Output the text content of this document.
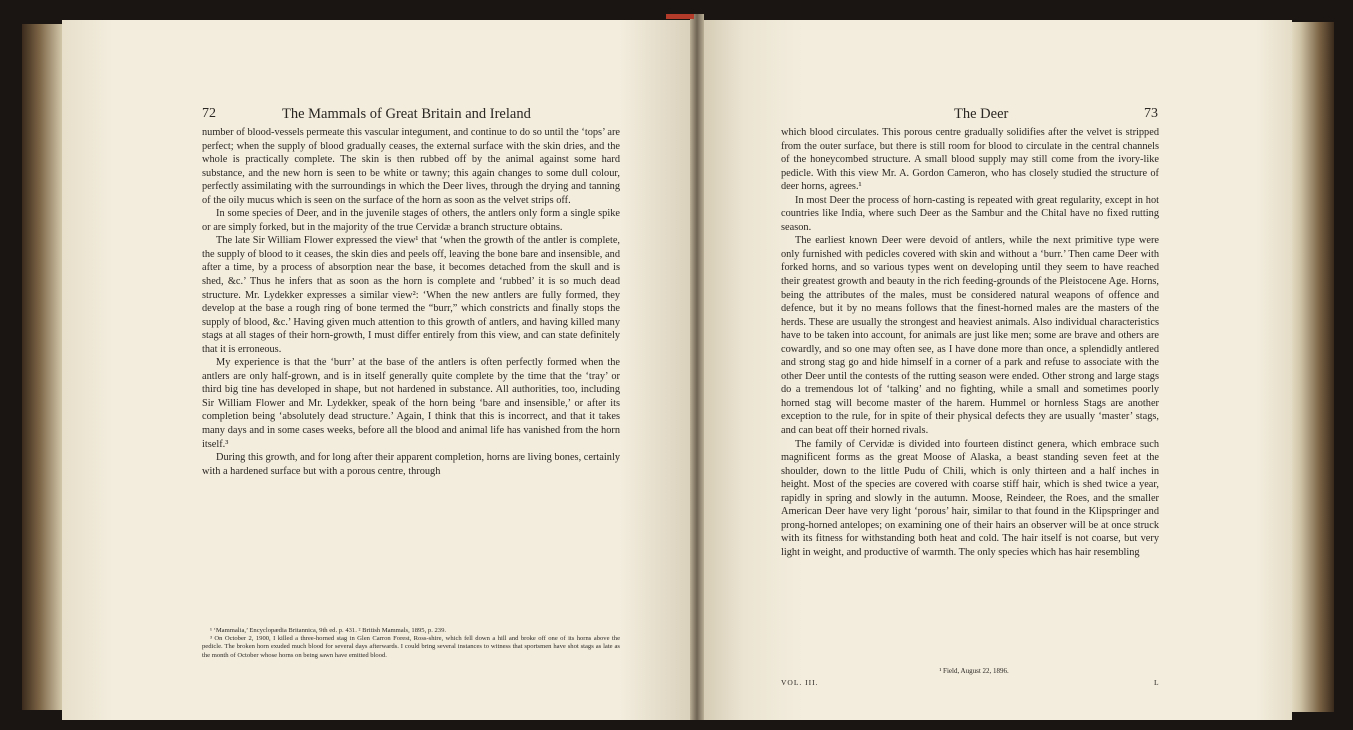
72	The Mammals of Great Britain and Ireland

number of blood-vessels permeate this vascular integument, and continue to do so until the ‘tops’ are perfect; when the supply of blood gradually ceases, the external surface with the skin dries, and the whole is practically complete. The skin is then rubbed off by the animal against some hard substance, and the new horn is seen to be white or tawny; this again changes to some dull colour, perfectly assimilating with the surroundings in which the Deer lives, through the drying and tanning of the oily mucus which is seen on the surface of the horn as soon as the velvet strips off.

In some species of Deer, and in the juvenile stages of others, the antlers only form a single spike or are simply forked, but in the majority of the true Cervidæ a branch structure obtains.

The late Sir William Flower expressed the view¹ that ‘when the growth of the antler is complete, the supply of blood to it ceases, the skin dies and peels off, leaving the bone bare and insensible, and after a time, by a process of absorption near the base, it becomes detached from the skull and is shed, &c.’ Thus he infers that as soon as the horn is complete and ‘rubbed’ it is so much dead structure. Mr. Lydekker expresses a similar view²: ‘When the new antlers are fully formed, they develop at the base a rough ring of bone termed the “burr,” which constricts and finally stops the supply of blood, &c.’ Having given much attention to this growth of antlers, and having killed many stags at all stages of their horn-growth, I must differ entirely from this view, and can state definitely that it is erroneous.

My experience is that the ‘burr’ at the base of the antlers is often perfectly formed when the antlers are only half-grown, and is in itself generally quite complete by the time that the ‘tray’ or third big tine has developed in shape, but not hardened in substance. All authorities, too, including Sir William Flower and Mr. Lydekker, speak of the horn being ‘bare and insensible,’ or after its completion being ‘absolutely dead structure.’ Again, I think that this is incorrect, and that it takes many days and in some cases weeks, before all the blood and animal life has vanished from the horn itself.³

During this growth, and for long after their apparent completion, horns are living bones, certainly with a hardened surface but with a porous centre, through

¹ ‘Mammalia,’ Encyclopædia Britannica, 9th ed. p. 431. ² British Mammals, 1895, p. 239.

³ On October 2, 1900, I killed a three-horned stag in Glen Carron Forest, Ross-shire, which fell down a hill and broke off one of its horns above the pedicle. The broken horn exuded much blood for several days afterwards. I could bring several instances to witness that sportsmen have shot stags as late as the month of October whose horns on being sawn have emitted blood.

The Deer	73

which blood circulates. This porous centre gradually solidifies after the velvet is stripped from the outer surface, but there is still room for blood to circulate in the central channels of the honeycombed structure. A small blood supply may still come from the ivory-like pedicle. With this view Mr. A. Gordon Cameron, who has closely studied the structure of deer horns, agrees.¹

In most Deer the process of horn-casting is repeated with great regularity, except in hot countries like India, where such Deer as the Sambur and the Chital have no fixed rutting season.

The earliest known Deer were devoid of antlers, while the next primitive type were only furnished with pedicles covered with skin and without a ‘burr.’ Then came Deer with forked horns, and so various types went on developing until they seem to have reached their greatest growth and beauty in the rich feeding-grounds of the Pleistocene Age. Horns, being the attributes of the males, must be considered natural weapons of offence and defence, but it by no means follows that the finest-horned males are the masters of the herds. These are usually the strongest and heaviest animals. Also individual characteristics have to be taken into account, for animals are just like men; some are brave and others are cowardly, and so one may often see, as I have done more than once, a splendidly antlered and strong stag go and hide himself in a corner of a park and refuse to associate with the other Deer until the contests of the rutting season were ended. Other strong and large stags do a tremendous lot of ‘talking’ and no fighting, while a small and sometimes poorly horned stag will become master of the harem. Hummel or hornless Stags are another exception to the rule, for in spite of their physical defects they are usually ‘master’ stags, and can beat off their horned rivals.

The family of Cervidæ is divided into fourteen distinct genera, which embrace such magnificent forms as the great Moose of Alaska, a beast standing seven feet at the shoulder, down to the little Pudu of Chili, which is only thirteen and a half inches in height. Most of the species are covered with coarse stiff hair, which is shed twice a year, rapidly in spring and slowly in the autumn. Moose, Reindeer, the Roes, and the smaller American Deer have very light ‘porous’ hair, similar to that found in the Klipspringer and prong-horned antelopes; on examining one of their hairs an observer will be at once struck with its fitness for withstanding both heat and cold. The hair itself is not coarse, but very light in weight, and productive of warmth. The only species which has hair resembling

¹ Field, August 22, 1896.

VOL. III.	L
